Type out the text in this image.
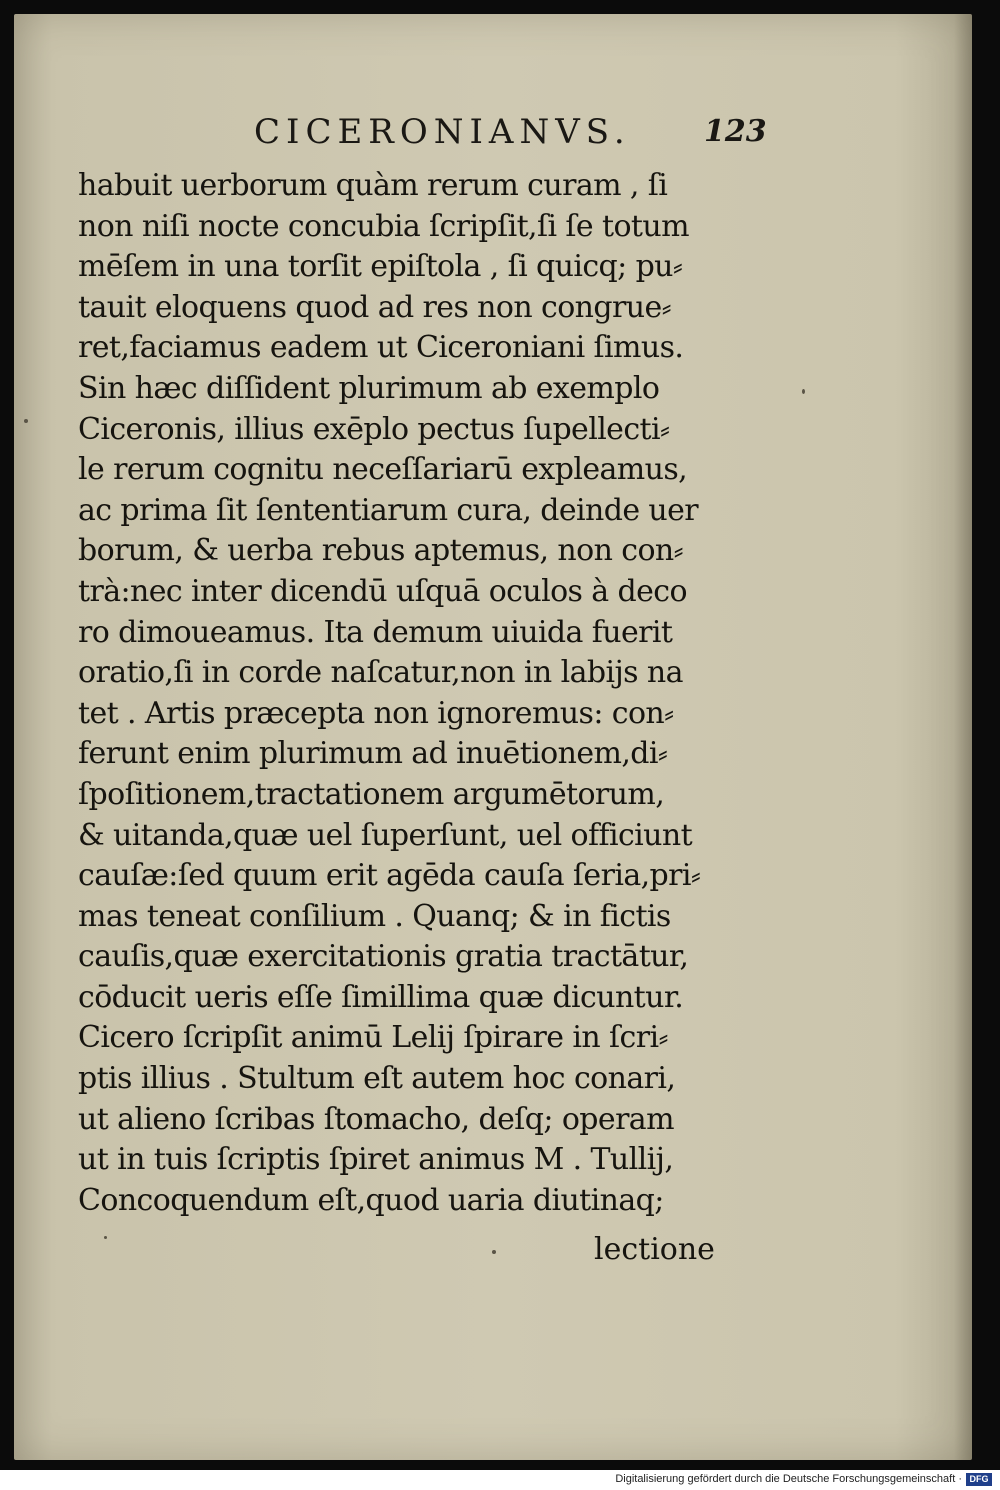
CICERONIANVS. 123
habuit uerborum quàm rerum curam , ſi
non niſi nocte concubia ſcripſit,ſi ſe totum
mēſem in una torſit epiſtola , ſi quicq; pu⸗
tauit eloquens quod ad res non congrue⸗
ret,faciamus eadem ut Ciceroniani ſimus.
Sin hæc diſſident plurimum ab exemplo
Ciceronis, illius exēplo pectus ſupellecti⸗
le rerum cognitu neceſſariarū expleamus,
ac prima ſit ſententiarum cura, deinde uer
borum, & uerba rebus aptemus, non con⸗
trà:nec inter dicendū uſquā oculos à deco
ro dimoueamus. Ita demum uiuida fuerit
oratio,ſi in corde naſcatur,non in labijs na
tet . Artis præcepta non ignoremus: con⸗
ferunt enim plurimum ad inuētionem,di⸗
ſpoſitionem,tractationem argumētorum,
& uitanda,quæ uel ſuperſunt, uel officiunt
cauſæ:ſed quum erit agēda cauſa ſeria,pri⸗
mas teneat conſilium . Quanq; & in fictis
cauſis,quæ exercitationis gratia tractātur,
cōducit ueris eſſe ſimillima quæ dicuntur.
Cicero ſcripſit animū Lelij ſpirare in ſcri⸗
ptis illius . Stultum eſt autem hoc conari,
ut alieno ſcribas ſtomacho, deſq; operam
ut in tuis ſcriptis ſpiret animus M . Tullij,
Concoquendum eſt,quod uaria diutinaq;
lectione
Digitalisierung gefördert durch die Deutsche Forschungsgemeinschaft · DFG
